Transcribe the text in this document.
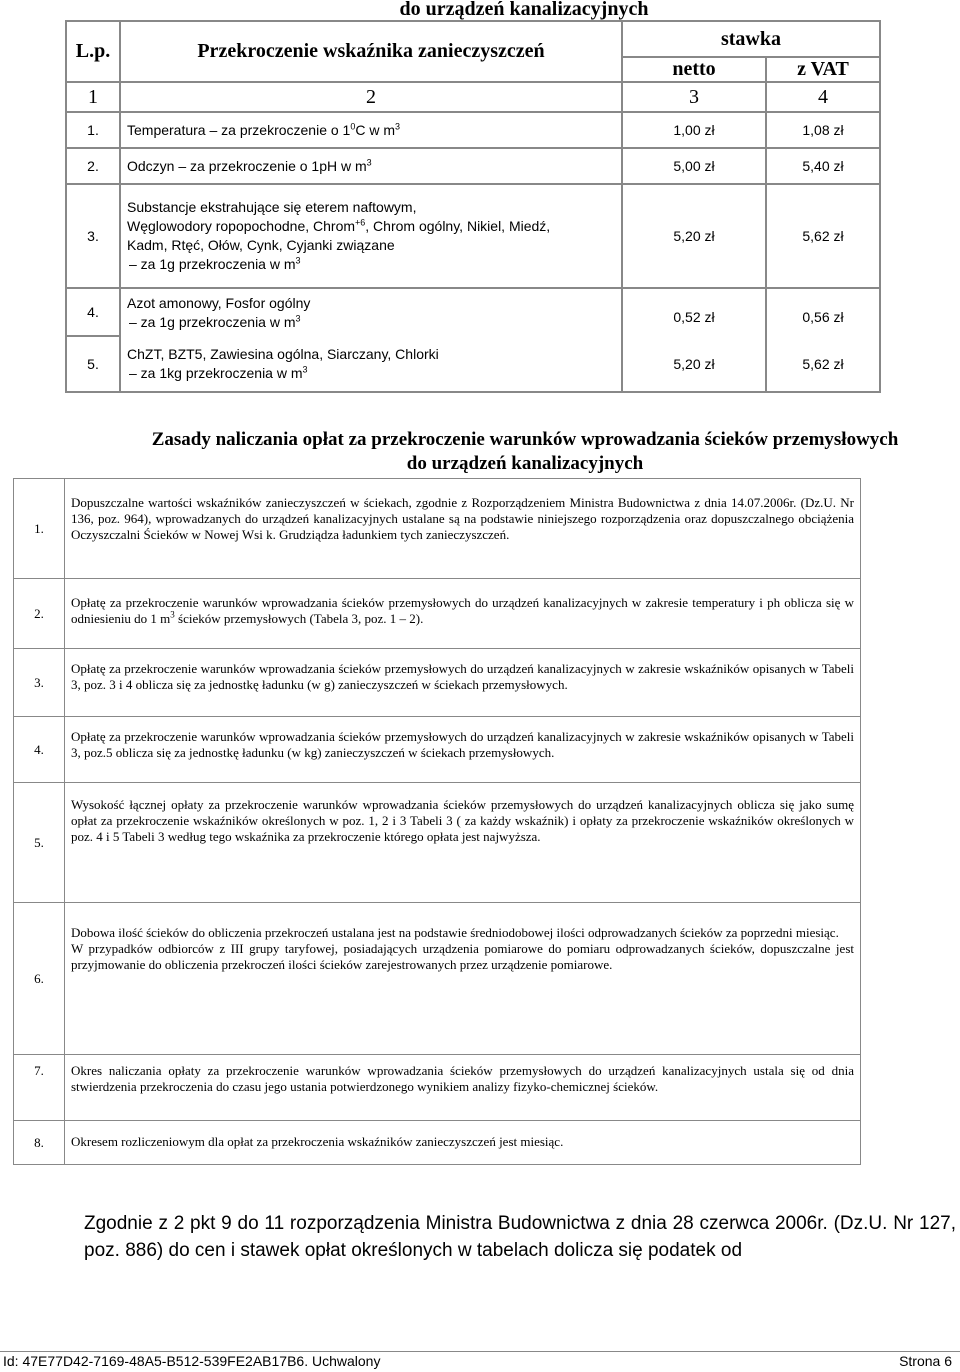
do urządzeń kanalizacyjnych
L.p.	Przekroczenie wskaźnika zanieczyszczeń	stawka	
		netto	z VAT
1	2	3	4
1.	Temperatura – za przekroczenie o $1^0C$ w $m^3$	1,00 zł	1,08 zł
2.	Odczyn – za przekroczenie o 1pH w $m^3$	5,00 zł	5,40 zł
3.	Substancje ekstrahujące się eterem naftowym,
Węglowodory ropopochodne, Chrom$^{+6}$, Chrom ogólny, Nikiel, Miedź,
Kadm, Rtęć, Ołów, Cynk, Cyjanki związane
– za 1g przekroczenia w $m^3$	5,20 zł	5,62 zł
4.	Azot amonowy, Fosfor ogólny
– za 1g przekroczenia w $m^3$	0,52 zł	0,56 zł
5.	ChZT, BZT5, Zawiesina ogólna, Siarczany, Chlorki
– za 1kg przekroczenia w $m^3$	5,20 zł	5,62 zł
Zasady naliczania opłat za przekroczenie warunków wprowadzania ścieków przemysłowych
do urządzeń kanalizacyjnych
1.	Dopuszczalne wartości wskaźników zanieczyszczeń w ściekach, zgodnie z Rozporządzeniem Ministra Budownictwa z dnia 14.07.2006r. (Dz.U. Nr 136, poz. 964), wprowadzanych do urządzeń kanalizacyjnych ustalane są na podstawie niniejszego rozporządzenia oraz dopuszczalnego obciążenia Oczyszczalni Ścieków w Nowej Wsi k. Grudziądza ładunkiem tych zanieczyszczeń.
2.	Opłatę za przekroczenie warunków wprowadzania ścieków przemysłowych do urządzeń kanalizacyjnych w zakresie temperatury i ph oblicza się w odniesieniu do 1 $m^3$ ścieków przemysłowych (Tabela 3, poz. 1 – 2).
3.	Opłatę za przekroczenie warunków wprowadzania ścieków przemysłowych do urządzeń kanalizacyjnych w zakresie wskaźników opisanych w Tabeli 3, poz. 3 i 4 oblicza się za jednostkę ładunku (w g) zanieczyszczeń w ściekach przemysłowych.
4.	Opłatę za przekroczenie warunków wprowadzania ścieków przemysłowych do urządzeń kanalizacyjnych w zakresie wskaźników opisanych w Tabeli 3, poz.5 oblicza się za jednostkę ładunku (w kg) zanieczyszczeń w ściekach przemysłowych.
5.	Wysokość łącznej opłaty za przekroczenie warunków wprowadzania ścieków przemysłowych do urządzeń kanalizacyjnych oblicza się jako sumę opłat za przekroczenie wskaźników określonych w poz. 1, 2 i 3 Tabeli 3 ( za każdy wskaźnik) i opłaty za przekroczenie wskaźników określonych w poz. 4 i 5 Tabeli 3 według tego wskaźnika za przekroczenie którego opłata jest najwyższa.
6.	Dobowa ilość ścieków do obliczenia przekroczeń ustalana jest na podstawie średniodobowej ilości odprowadzanych ścieków za poprzedni miesiąc.
W przypadków odbiorców z III grupy taryfowej, posiadających urządzenia pomiarowe do pomiaru odprowadzanych ścieków, dopuszczalne jest przyjmowanie do obliczenia przekroczeń ilości ścieków zarejestrowanych przez urządzenie pomiarowe.

7.	Okres naliczania opłaty za przekroczenie warunków wprowadzania ścieków przemysłowych do urządzeń kanalizacyjnych ustala się od dnia stwierdzenia przekroczenia do czasu jego ustania potwierdzonego wynikiem analizy fizyko-chemicznej ścieków.
8.	Okresem rozliczeniowym dla opłat za przekroczenia wskaźników zanieczyszczeń jest miesiąc.
Zgodnie z 2 pkt 9 do 11 rozporządzenia Ministra Budownictwa z dnia 28 czerwca 2006r. (Dz.U. Nr 127, poz. 886) do cen i stawek opłat określonych w tabelach dolicza się podatek od
Id: 47E77D42-7169-48A5-B512-539FE2AB17B6. Uchwalony	Strona 6
